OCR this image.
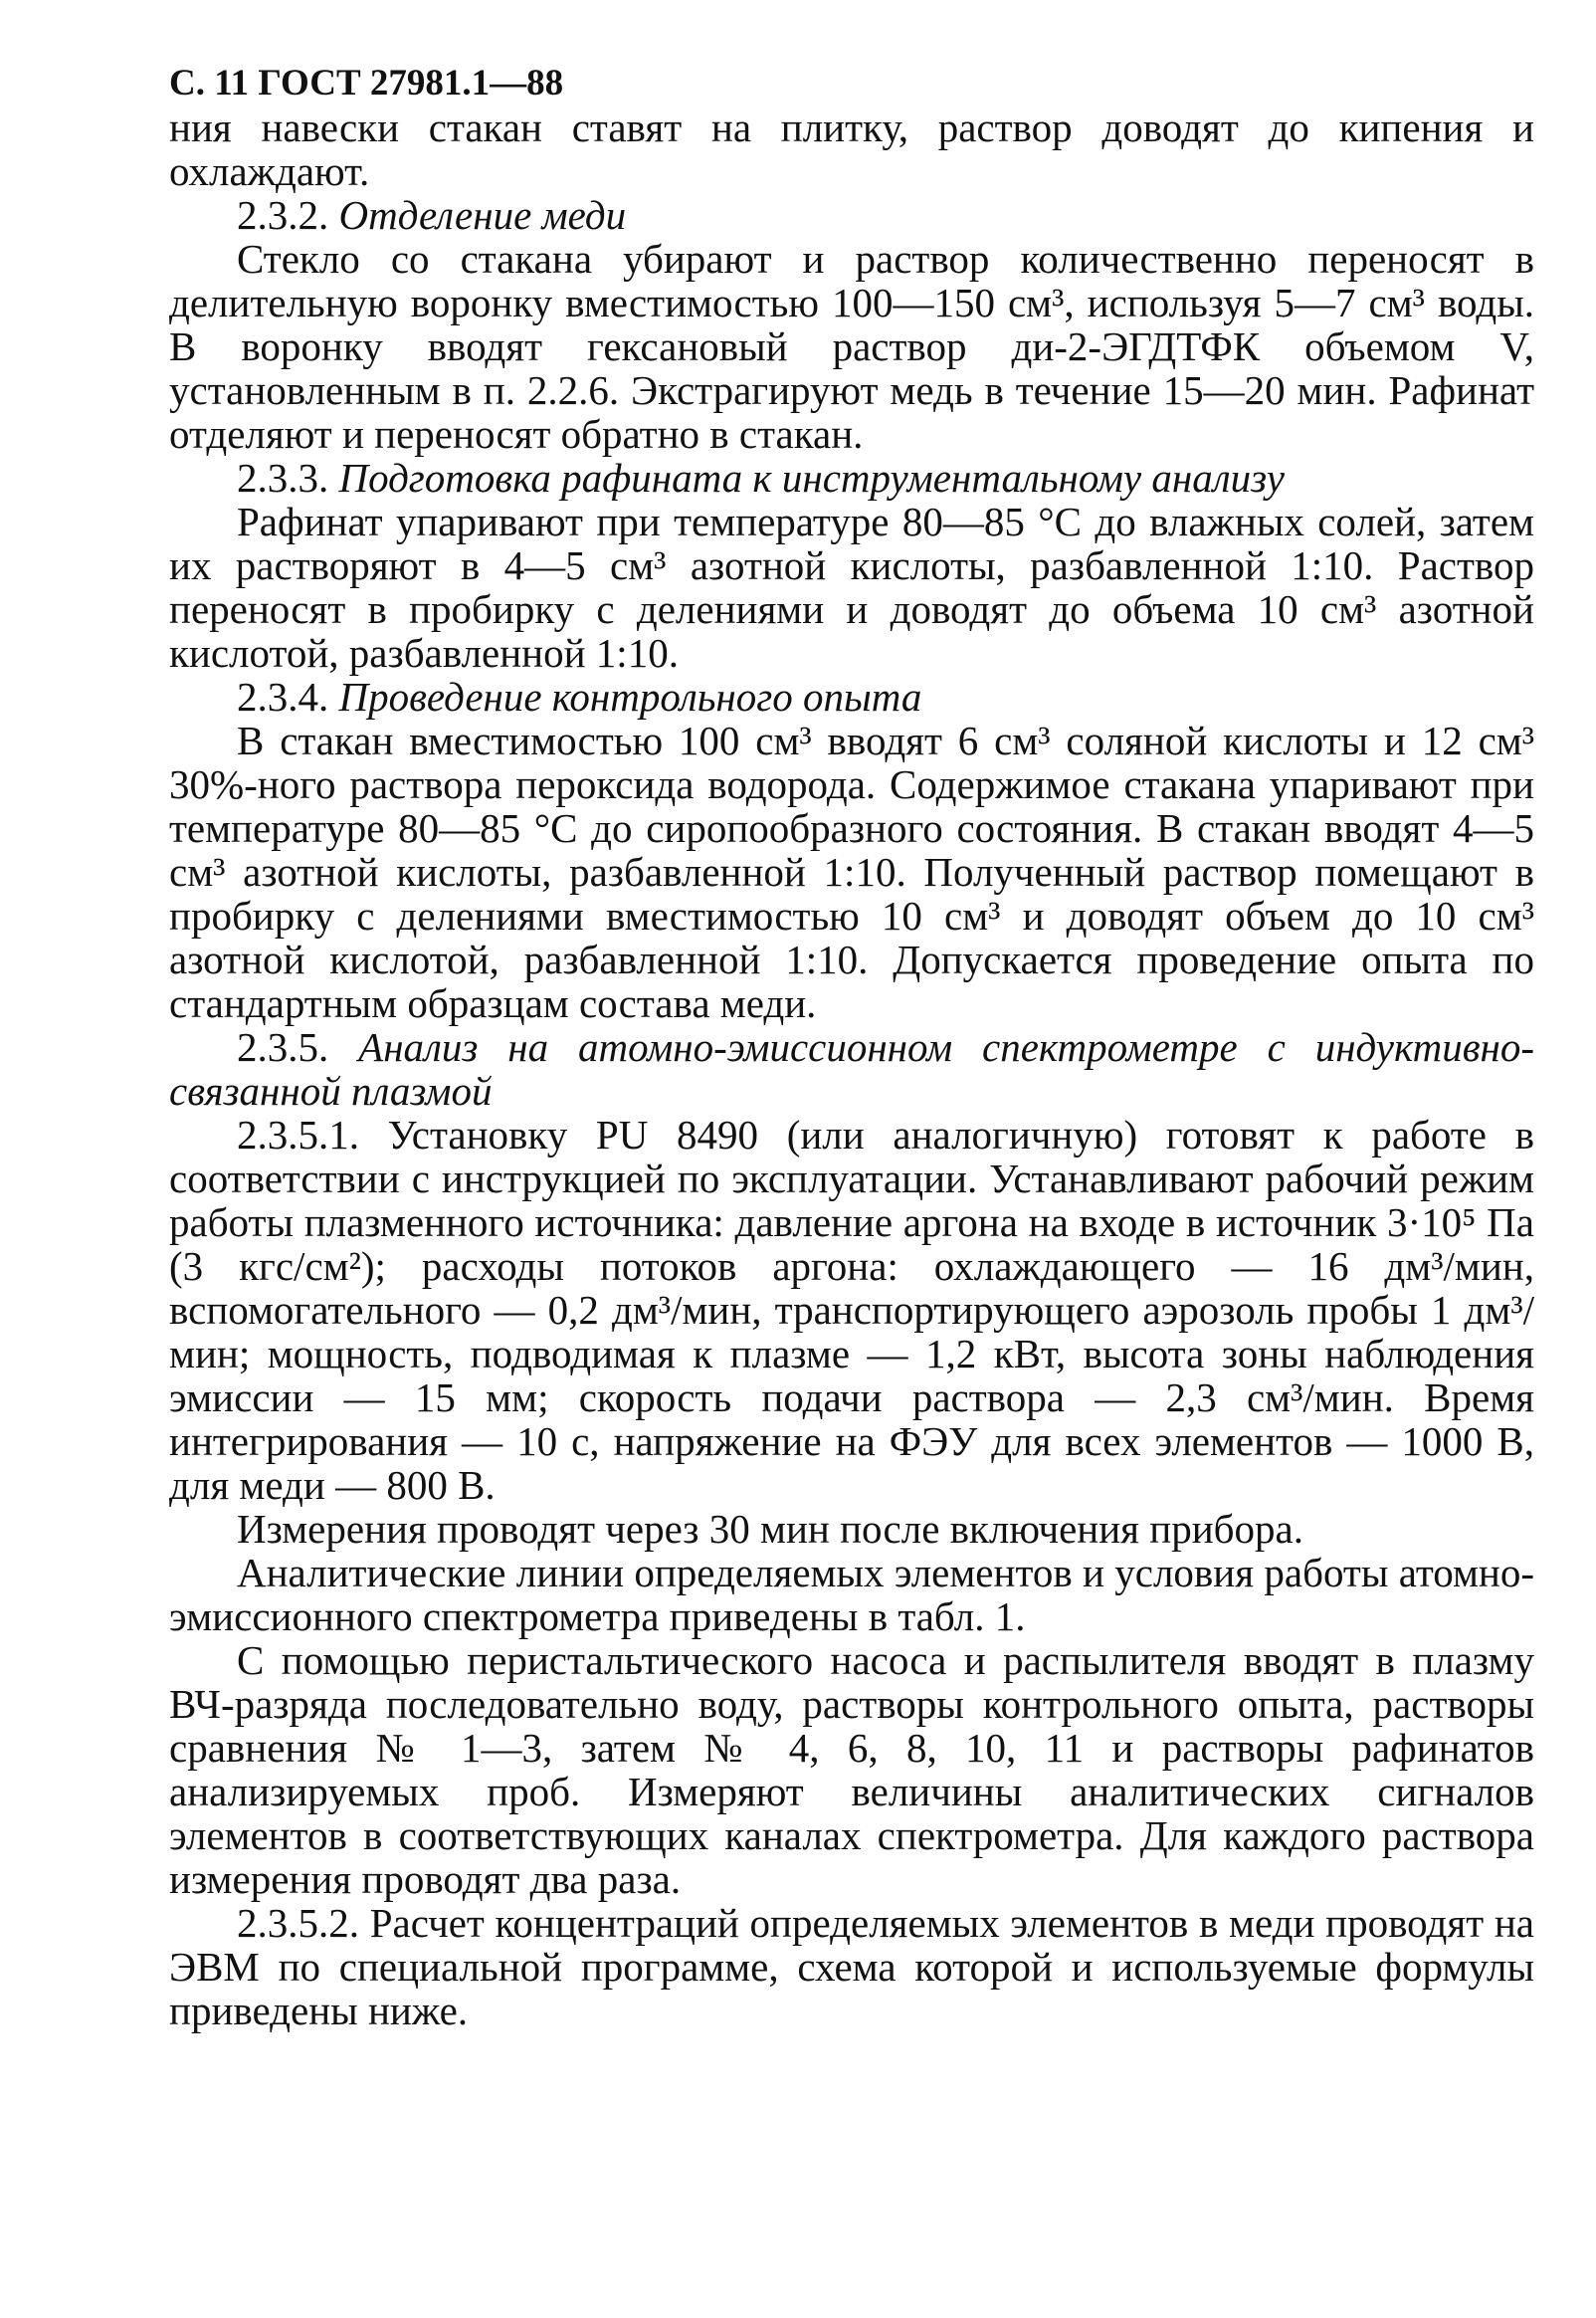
С. 11 ГОСТ 27981.1—88

ния навески стакан ставят на плитку, раствор доводят до кипения и охлаждают.

2.3.2. Отделение меди

Стекло со стакана убирают и раствор количественно переносят в делительную воронку вместимостью 100—150 см³, используя 5—7 см³ воды. В воронку вводят гексановый раствор ди-2-ЭГДТФК объемом V, установленным в п. 2.2.6. Экстрагируют медь в течение 15—20 мин. Рафинат отделяют и переносят обратно в стакан.

2.3.3. Подготовка рафината к инструментальному анализу

Рафинат упаривают при температуре 80—85 °С до влажных солей, затем их растворяют в 4—5 см³ азотной кислоты, разбавленной 1:10. Раствор переносят в пробирку с делениями и доводят до объема 10 см³ азотной кислотой, разбавленной 1:10.

2.3.4. Проведение контрольного опыта

В стакан вместимостью 100 см³ вводят 6 см³ соляной кислоты и 12 см³ 30%-ного раствора пероксида водорода. Содержимое стакана упаривают при температуре 80—85 °С до сиропообразного состояния. В стакан вводят 4—5 см³ азотной кислоты, разбавленной 1:10. Полученный раствор помещают в пробирку с делениями вместимостью 10 см³ и доводят объем до 10 см³ азотной кислотой, разбавленной 1:10. Допускается проведение опыта по стандартным образцам состава меди.

2.3.5. Анализ на атомно-эмиссионном спектрометре с индуктивно-связанной плазмой

2.3.5.1. Установку PU 8490 (или аналогичную) готовят к работе в соответствии с инструкцией по эксплуатации. Устанавливают рабочий режим работы плазменного источника: давление аргона на входе в источник 3·10⁵ Па (3 кгс/см²); расходы потоков аргона: охлаждающего — 16 дм³/мин, вспомогательного — 0,2 дм³/мин, транспортирующего аэрозоль пробы 1 дм³/мин; мощность, подводимая к плазме — 1,2 кВт, высота зоны наблюдения эмиссии — 15 мм; скорость подачи раствора — 2,3 см³/мин. Время интегрирования — 10 с, напряжение на ФЭУ для всех элементов — 1000 В, для меди — 800 В.

Измерения проводят через 30 мин после включения прибора.

Аналитические линии определяемых элементов и условия работы атомно-эмиссионного спектрометра приведены в табл. 1.

С помощью перистальтического насоса и распылителя вводят в плазму ВЧ-разряда последовательно воду, растворы контрольного опыта, растворы сравнения № 1—3, затем № 4, 6, 8, 10, 11 и растворы рафинатов анализируемых проб. Измеряют величины аналитических сигналов элементов в соответствующих каналах спектрометра. Для каждого раствора измерения проводят два раза.

2.3.5.2. Расчет концентраций определяемых элементов в меди проводят на ЭВМ по специальной программе, схема которой и используемые формулы приведены ниже.
